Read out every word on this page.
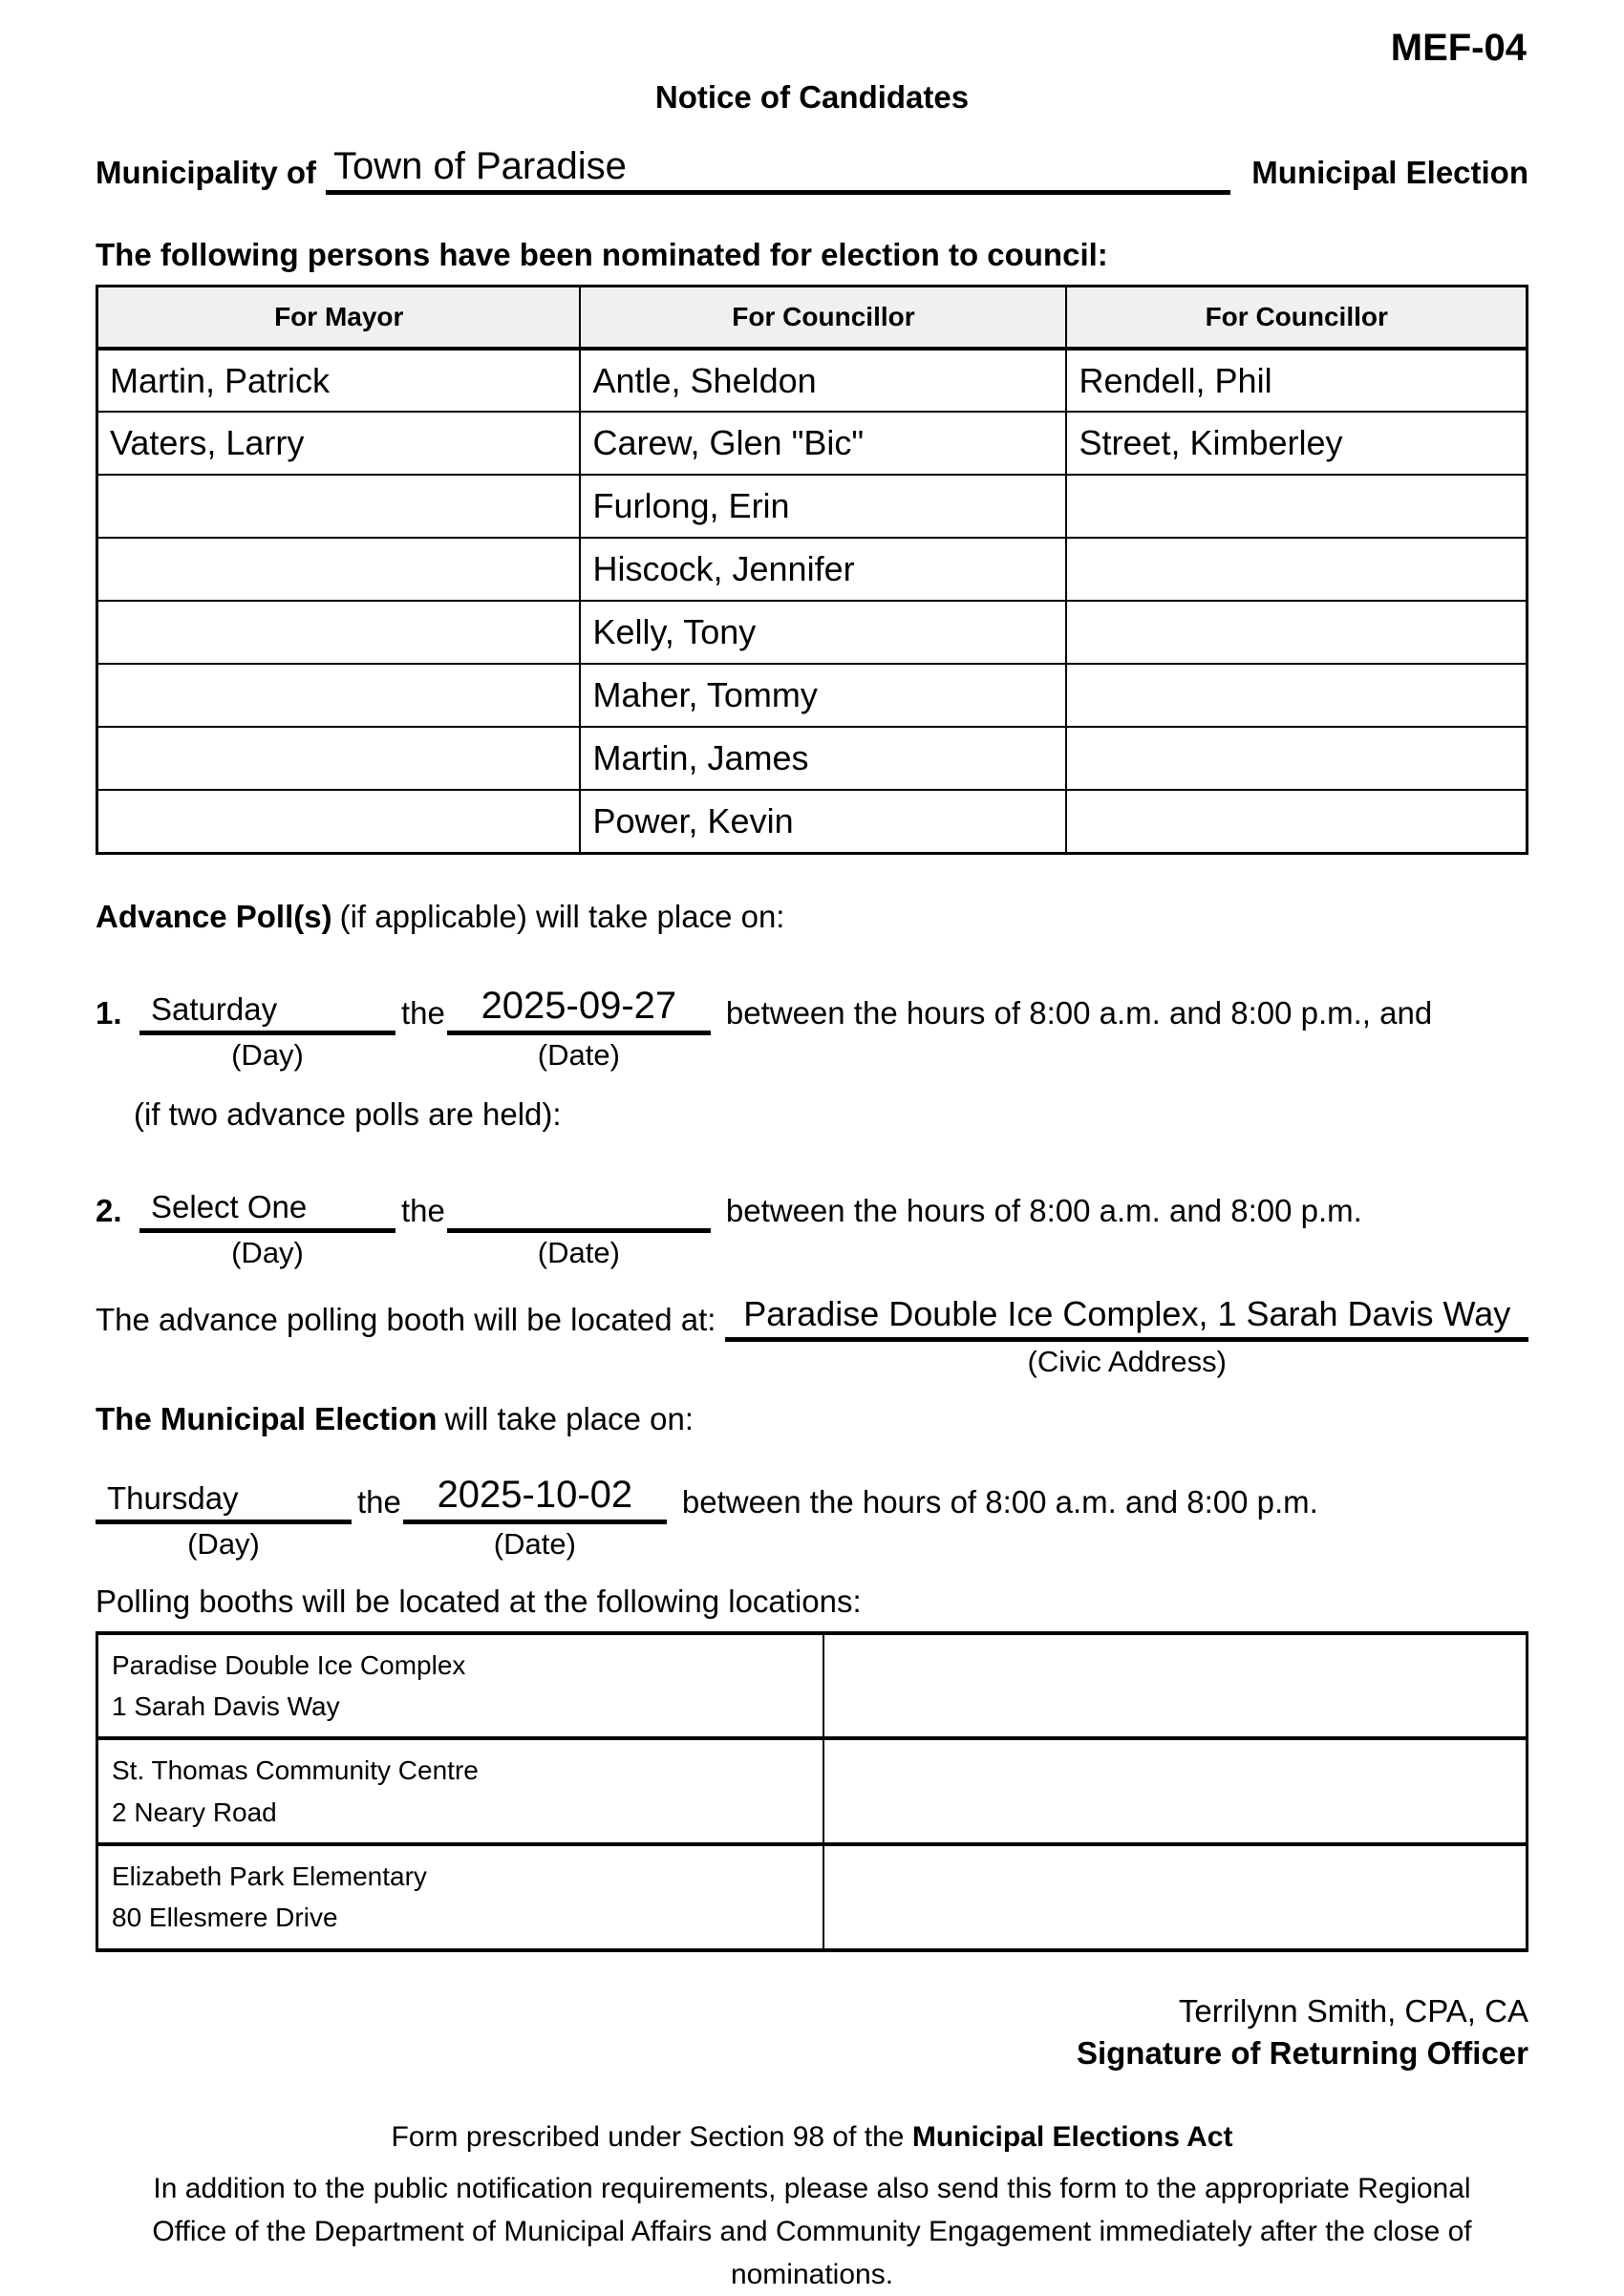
MEF-04
Notice of Candidates
Municipality of Town of Paradise	Municipal Election
The following persons have been nominated for election to council:
For Mayor	For Councillor	For Councillor
Martin, Patrick	Antle, Sheldon	Rendell, Phil
Vaters, Larry	Carew, Glen "Bic"	Street, Kimberley
	Furlong, Erin	
	Hiscock, Jennifer	
	Kelly, Tony	
	Maher, Tommy	
	Martin, James	
	Power, Kevin	
Advance Poll(s) (if applicable) will take place on:
1. Saturday
(Day)
the 2025-09-27
(Date)
between the hours of 8:00 a.m. and 8:00 p.m., and
(if two advance polls are held):
2. Select One
(Day)
the
(Date)
between the hours of 8:00 a.m. and 8:00 p.m.
The advance polling booth will be located at: Paradise Double Ice Complex, 1 Sarah Davis Way
(Civic Address)
The Municipal Election will take place on:
Thursday
(Day)
the 2025-10-02
(Date)
between the hours of 8:00 a.m. and 8:00 p.m.
Polling booths will be located at the following locations:
Paradise Double Ice Complex
1 Sarah Davis Way	

St. Thomas Community Centre
2 Neary Road	

Elizabeth Park Elementary
80 Ellesmere Drive	

Terrilynn Smith, CPA, CA
Signature of Returning Officer
Form prescribed under Section 98 of the Municipal Elections Act
In addition to the public notification requirements, please also send this form to the appropriate Regional Office of the Department of Municipal Affairs and Community Engagement immediately after the close of nominations.
